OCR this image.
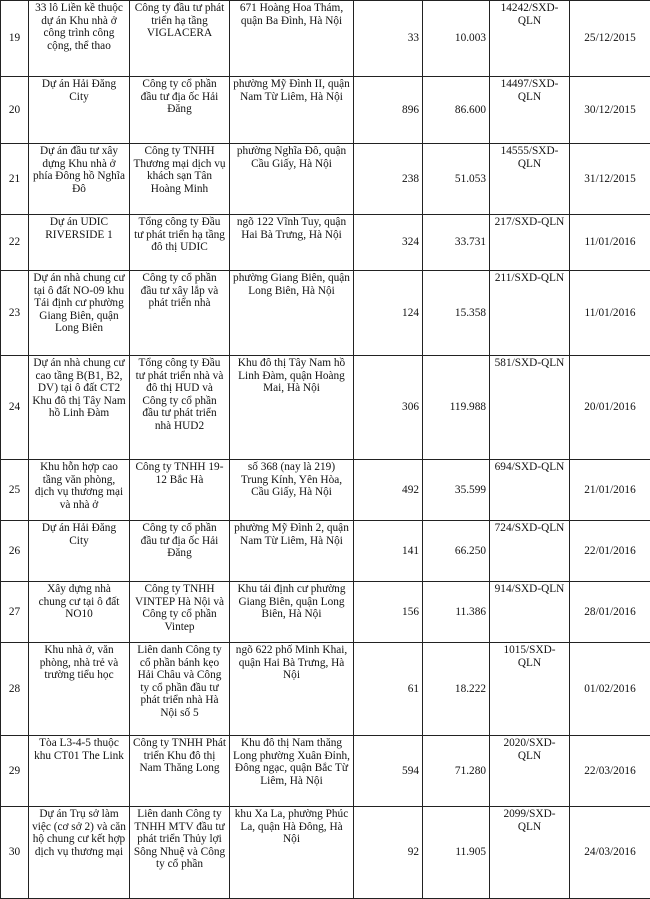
19	33 lô Liền kề thuộc dự án Khu nhà ở công trình công cộng, thể thao	Công ty đầu tư phát triển hạ tầng VIGLACERA	671 Hoàng Hoa Thám, quận Ba Đình, Hà Nội	33	10.003	14242/SXD-QLN	25/12/2015

20	Dự án Hải Đăng City	Công ty cổ phần đầu tư địa ốc Hải Đăng	phường Mỹ Đình II, quận Nam Từ Liêm, Hà Nội	896	86.600	14497/SXD-QLN	30/12/2015

21	Dự án đầu tư xây dựng Khu nhà ở phía Đông hồ Nghĩa Đô	Công ty TNHH Thương mại dịch vụ khách sạn Tân Hoàng Minh	phường Nghĩa Đô, quận Cầu Giấy, Hà Nội	238	51.053	14555/SXD-QLN	31/12/2015

22	Dự án UDIC RIVERSIDE 1	Tổng công ty Đầu tư phát triển hạ tầng đô thị UDIC	ngõ 122 Vĩnh Tuy, quận Hai Bà Trưng, Hà Nội	324	33.731	217/SXD-QLN	11/01/2016

23	Dự án nhà chung cư tại ô đất NO-09 khu Tái định cư phường Giang Biên, quận Long Biên	Công ty cổ phần đầu tư xây lắp và phát triển nhà	phường Giang Biên, quận Long Biên, Hà Nội	124	15.358	211/SXD-QLN	11/01/2016

24	Dự án nhà chung cư cao tầng B(B1, B2, DV) tại ô đất CT2 Khu đô thị Tây Nam hồ Linh Đàm	Tổng công ty Đầu tư phát triển nhà và đô thị HUD và Công ty cổ phần đầu tư phát triển nhà HUD2	Khu đô thị Tây Nam hồ Linh Đàm, quận Hoàng Mai, Hà Nội	306	119.988	581/SXD-QLN	20/01/2016

25	Khu hỗn hợp cao tầng văn phòng, dịch vụ thương mại và nhà ở	Công ty TNHH 19-12 Bắc Hà	số 368 (nay là 219) Trung Kính, Yên Hòa, Cầu Giấy, Hà Nội	492	35.599	694/SXD-QLN	21/01/2016

26	Dự án Hải Đăng City	Công ty cổ phần đầu tư địa ốc Hải Đăng	phường Mỹ Đình 2, quận Nam Từ Liêm, Hà Nội	141	66.250	724/SXD-QLN	22/01/2016

27	Xây dựng nhà chung cư tại ô đất NO10	Công ty TNHH VINTEP Hà Nội và Công ty cổ phần Vintep	Khu tái định cư phường Giang Biên, quận Long Biên, Hà Nội	156	11.386	914/SXD-QLN	28/01/2016

28	Khu nhà ở, văn phòng, nhà trẻ và trường tiểu học	Liên danh Công ty cổ phần bánh kẹo Hải Châu và Công ty cổ phần đầu tư phát triển nhà Hà Nội số 5	ngõ 622 phố Minh Khai, quận Hai Bà Trưng, Hà Nội	61	18.222	1015/SXD-QLN	01/02/2016

29	Tòa L3-4-5 thuộc khu CT01 The Link	Công ty TNHH Phát triển Khu đô thị Nam Thăng Long	Khu đô thị Nam thăng Long phường Xuân Đỉnh, Đông ngạc, quận Bắc Từ Liêm, Hà Nội	594	71.280	2020/SXD-QLN	22/03/2016

30	Dự án Trụ sở làm việc (cơ sở 2) và căn hộ chung cư kết hợp dịch vụ thương mại	Liên danh Công ty TNHH MTV đầu tư phát triển Thủy lợi Sông Nhuệ và Công ty cổ phần	khu Xa La, phường Phúc La, quận Hà Đông, Hà Nội	92	11.905	2099/SXD-QLN	24/03/2016
